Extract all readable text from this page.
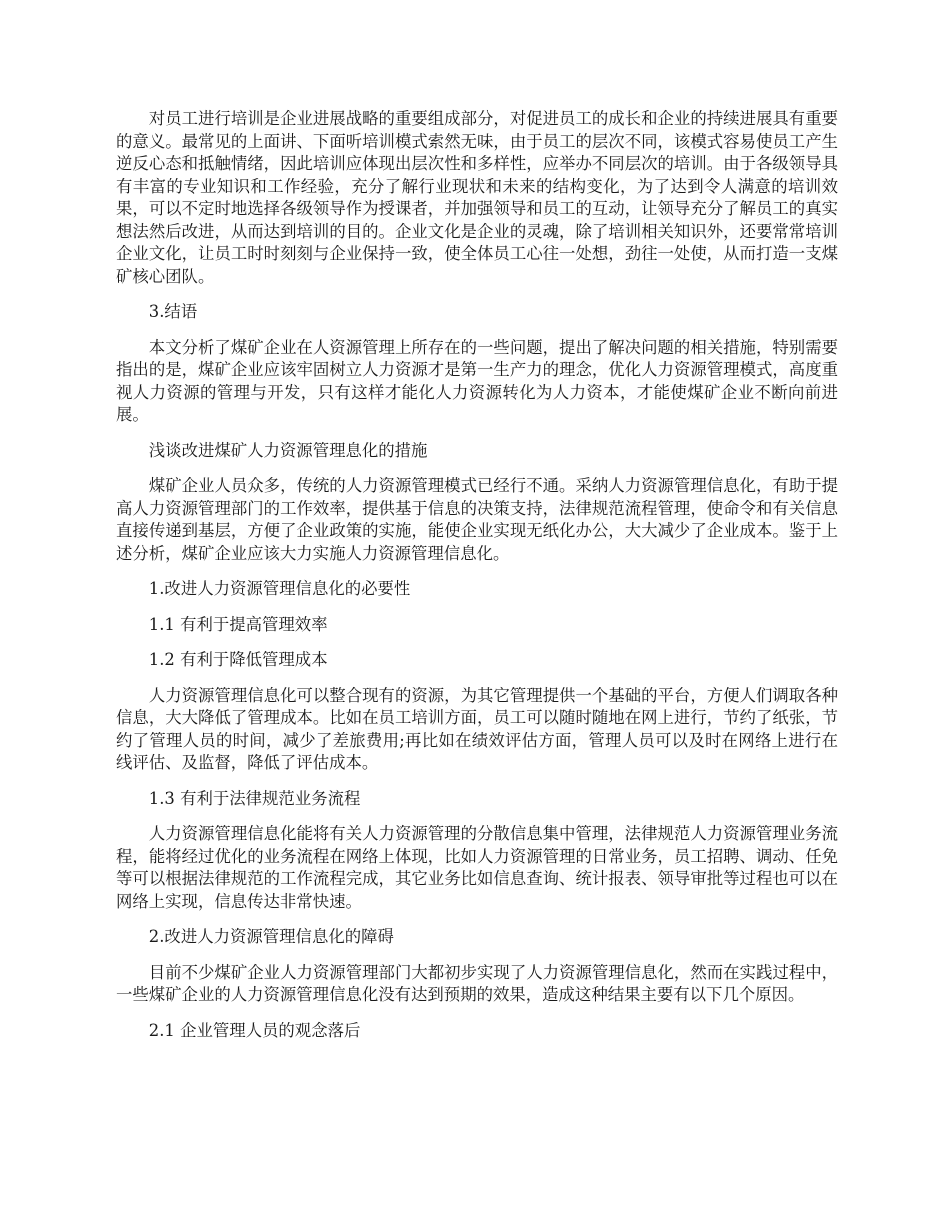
对员工进行培训是企业进展战略的重要组成部分，对促进员工的成长和企业的持续进展具有重要的意义。最常见的上面讲、下面听培训模式索然无味，由于员工的层次不同，该模式容易使员工产生逆反心态和抵触情绪，因此培训应体现出层次性和多样性，应举办不同层次的培训。由于各级领导具有丰富的专业知识和工作经验，充分了解行业现状和未来的结构变化，为了达到令人满意的培训效果，可以不定时地选择各级领导作为授课者，并加强领导和员工的互动，让领导充分了解员工的真实想法然后改进，从而达到培训的目的。企业文化是企业的灵魂，除了培训相关知识外，还要常常培训企业文化，让员工时时刻刻与企业保持一致，使全体员工心往一处想，劲往一处使，从而打造一支煤矿核心团队。

3.结语

本文分析了煤矿企业在人资源管理上所存在的一些问题，提出了解决问题的相关措施，特别需要指出的是，煤矿企业应该牢固树立人力资源才是第一生产力的理念，优化人力资源管理模式，高度重视人力资源的管理与开发，只有这样才能化人力资源转化为人力资本，才能使煤矿企业不断向前进展。

浅谈改进煤矿人力资源管理息化的措施

煤矿企业人员众多，传统的人力资源管理模式已经行不通。采纳人力资源管理信息化，有助于提高人力资源管理部门的工作效率，提供基于信息的决策支持，法律规范流程管理，使命令和有关信息直接传递到基层，方便了企业政策的实施，能使企业实现无纸化办公，大大减少了企业成本。鉴于上述分析，煤矿企业应该大力实施人力资源管理信息化。

1.改进人力资源管理信息化的必要性

1.1 有利于提高管理效率

1.2 有利于降低管理成本

人力资源管理信息化可以整合现有的资源，为其它管理提供一个基础的平台，方便人们调取各种信息，大大降低了管理成本。比如在员工培训方面，员工可以随时随地在网上进行，节约了纸张，节约了管理人员的时间，减少了差旅费用;再比如在绩效评估方面，管理人员可以及时在网络上进行在线评估、及监督，降低了评估成本。

1.3 有利于法律规范业务流程

人力资源管理信息化能将有关人力资源管理的分散信息集中管理，法律规范人力资源管理业务流程，能将经过优化的业务流程在网络上体现，比如人力资源管理的日常业务，员工招聘、调动、任免等可以根据法律规范的工作流程完成，其它业务比如信息查询、统计报表、领导审批等过程也可以在网络上实现，信息传达非常快速。

2.改进人力资源管理信息化的障碍

目前不少煤矿企业人力资源管理部门大都初步实现了人力资源管理信息化，然而在实践过程中，一些煤矿企业的人力资源管理信息化没有达到预期的效果，造成这种结果主要有以下几个原因。

2.1 企业管理人员的观念落后
